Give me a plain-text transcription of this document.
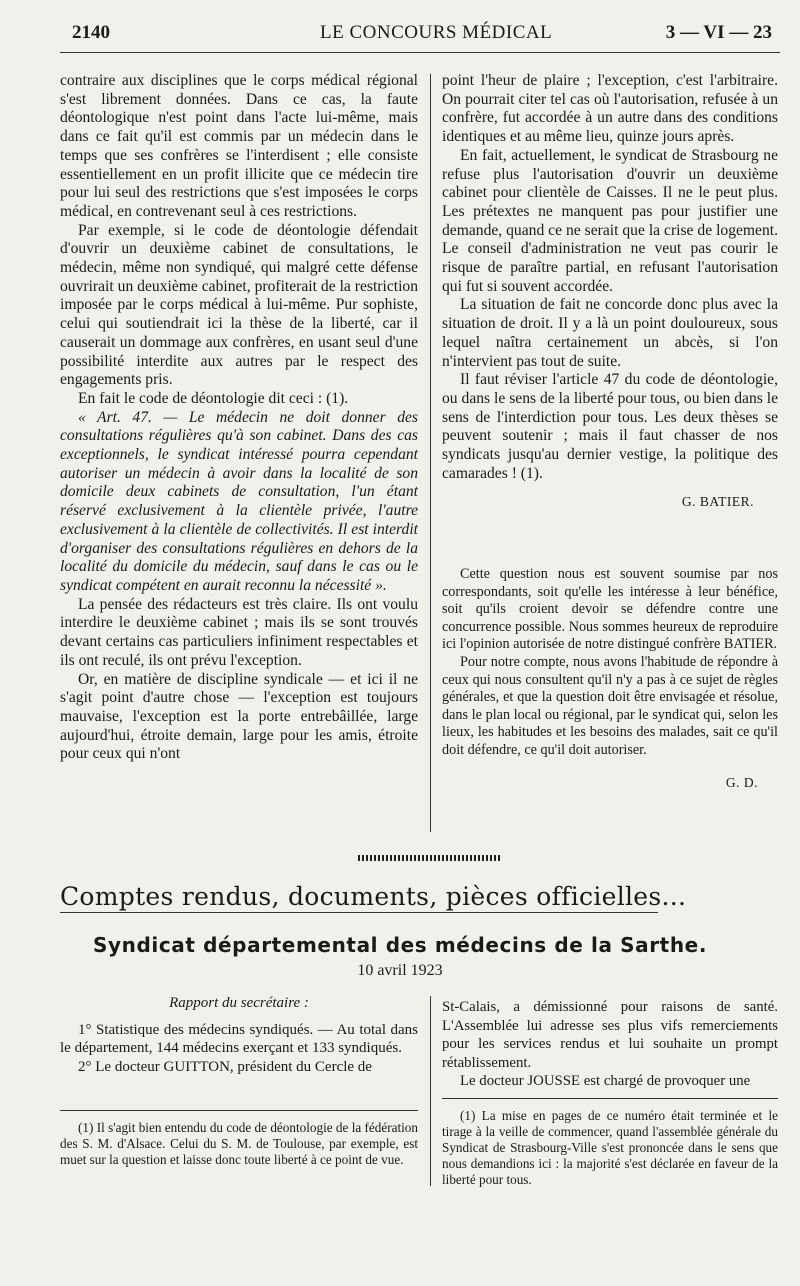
2140	LE CONCOURS MÉDICAL	3 — VI — 23

contraire aux disciplines que le corps médical régional s'est librement données. Dans ce cas, la faute déontologique n'est point dans l'acte lui-même, mais dans ce fait qu'il est commis par un médecin dans le temps que ses confrères se l'interdisent ; elle consiste essentiellement en un profit illicite que ce médecin tire pour lui seul des restrictions que s'est imposées le corps médical, en contrevenant seul à ces restrictions.

Par exemple, si le code de déontologie défendait d'ouvrir un deuxième cabinet de consultations, le médecin, même non syndiqué, qui malgré cette défense ouvrirait un deuxième cabinet, profiterait de la restriction imposée par le corps médical à lui-même. Pur sophiste, celui qui soutiendrait ici la thèse de la liberté, car il causerait un dommage aux confrères, en usant seul d'une possibilité interdite aux autres par le respect des engagements pris.

En fait le code de déontologie dit ceci : (1).

« Art. 47. — Le médecin ne doit donner des consultations régulières qu'à son cabinet. Dans des cas exceptionnels, le syndicat intéressé pourra cependant autoriser un médecin à avoir dans la localité de son domicile deux cabinets de consultation, l'un étant réservé exclusivement à la clientèle privée, l'autre exclusivement à la clientèle de collectivités. Il est interdit d'organiser des consultations régulières en dehors de la localité du domicile du médecin, sauf dans le cas ou le syndicat compétent en aurait reconnu la nécessité ».

La pensée des rédacteurs est très claire. Ils ont voulu interdire le deuxième cabinet ; mais ils se sont trouvés devant certains cas particuliers infiniment respectables et ils ont reculé, ils ont prévu l'exception.

Or, en matière de discipline syndicale — et ici il ne s'agit point d'autre chose — l'exception est toujours mauvaise, l'exception est la porte entrebâillée, large aujourd'hui, étroite demain, large pour les amis, étroite pour ceux qui n'ont

point l'heur de plaire ; l'exception, c'est l'arbitraire. On pourrait citer tel cas où l'autorisation, refusée à un confrère, fut accordée à un autre dans des conditions identiques et au même lieu, quinze jours après.

En fait, actuellement, le syndicat de Strasbourg ne refuse plus l'autorisation d'ouvrir un deuxième cabinet pour clientèle de Caisses. Il ne le peut plus. Les prétextes ne manquent pas pour justifier une demande, quand ce ne serait que la crise de logement. Le conseil d'administration ne veut pas courir le risque de paraître partial, en refusant l'autorisation qui fut si souvent accordée.

La situation de fait ne concorde donc plus avec la situation de droit. Il y a là un point douloureux, sous lequel naîtra certainement un abcès, si l'on n'intervient pas tout de suite.

Il faut réviser l'article 47 du code de déontologie, ou dans le sens de la liberté pour tous, ou bien dans le sens de l'interdiction pour tous. Les deux thèses se peuvent soutenir ; mais il faut chasser de nos syndicats jusqu'au dernier vestige, la politique des camarades ! (1).

G. BATIER.

Cette question nous est souvent soumise par nos correspondants, soit qu'elle les intéresse à leur bénéfice, soit qu'ils croient devoir se défendre contre une concurrence possible. Nous sommes heureux de reproduire ici l'opinion autorisée de notre distingué confrère BATIER.

Pour notre compte, nous avons l'habitude de répondre à ceux qui nous consultent qu'il n'y a pas à ce sujet de règles générales, et que la question doit être envisagée et résolue, dans le plan local ou régional, par le syndicat qui, selon les lieux, les habitudes et les besoins des malades, sait ce qu'il doit défendre, ce qu'il doit autoriser.

G. D.

Comptes rendus, documents, pièces officielles...
Syndicat départemental des médecins de la Sarthe.
10 avril 1923

Rapport du secrétaire :

1° Statistique des médecins syndiqués. — Au total dans le département, 144 médecins exerçant et 133 syndiqués.

2° Le docteur GUITTON, président du Cercle de

St-Calais, a démissionné pour raisons de santé. L'Assemblée lui adresse ses plus vifs remerciements pour les services rendus et lui souhaite un prompt rétablissement.

Le docteur JOUSSE est chargé de provoquer une

(1) Il s'agit bien entendu du code de déontologie de la fédération des S. M. d'Alsace. Celui du S. M. de Toulouse, par exemple, est muet sur la question et laisse donc toute liberté à ce point de vue.

(1) La mise en pages de ce numéro était terminée et le tirage à la veille de commencer, quand l'assemblée générale du Syndicat de Strasbourg-Ville s'est prononcée dans le sens que nous demandions ici : la majorité s'est déclarée en faveur de la liberté pour tous.
